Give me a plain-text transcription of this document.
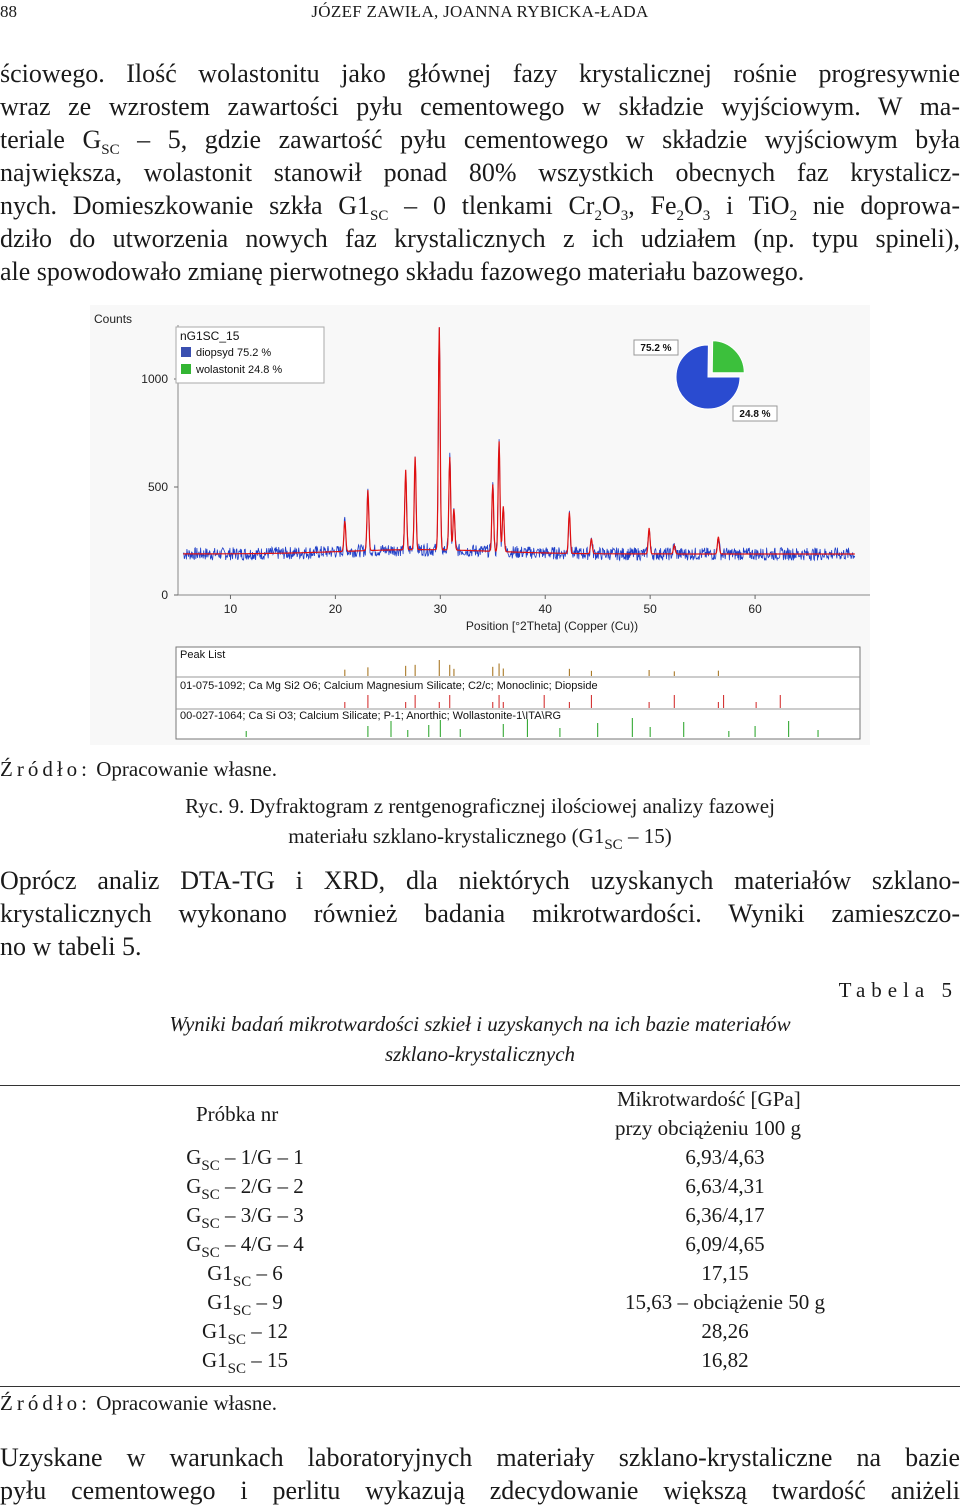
88	JÓZEF ZAWIŁA, JOANNA RYBICKA-ŁADA
ściowego. Ilość wolastonitu jako głównej fazy krystalicznej rośnie progresywnie
wraz ze wzrostem zawartości pyłu cementowego w składzie wyjściowym. W ma-
teriale $G_{SC} - 5$, gdzie zawartość pyłu cementowego w składzie wyjściowym była
największa, wolastonit stanowił ponad 80% wszystkich obecnych faz krystalicz-
nych. Domieszkowanie szkła $G1_{SC} - 0$ tlenkami $Cr_2O_3$, $Fe_2O_3$ i TiO$_2$ nie doprowa-
dziło do utworzenia nowych faz krystalicznych z ich udziałem (np. typu spineli),
ale spowodowało zmianę pierwotnego składu fazowego materiału bazowego.
Counts
0
500
1000
10	20	30	40	50	60
Position [°2Theta] (Copper (Cu))
nG1SC_15
diopsyd 75.2 %
wolastonit 24.8 %
75.2 %
24.8 %
Peak List
01-075-1092; Ca Mg Si2 O6; Calcium Magnesium Silicate; C2/c; Monoclinic; Diopside
00-027-1064; Ca Si O3; Calcium Silicate; P-1; Anorthic; Wollastonite-1\ITA\RG
Źródło: Opracowanie własne.
Ryc. 9. Dyfraktogram z rentgenograficznej ilościowej analizy fazowej
materiału szklano-krystalicznego $(G1_{SC} - 15)$
Oprócz analiz DTA-TG i XRD, dla niektórych uzyskanych materiałów szklano-
krystalicznych wykonano również badania mikrotwardości. Wyniki zamieszczo-
no w tabeli 5.
Tabela 5
Wyniki badań mikrotwardości szkieł i uzyskanych na ich bazie materiałów
szklano-krystalicznych
Próbka nr	Mikrotwardość [GPa]
	przy obciążeniu 100 g
$G_{SC} - 1/G - 1$	6,93/4,63
$G_{SC} - 2/G - 2$	6,63/4,31
$G_{SC} - 3/G - 3$	6,36/4,17
$G_{SC} - 4/G - 4$	6,09/4,65
$G1_{SC} - 6$	17,15
$G1_{SC} - 9$	15,63 – obciążenie 50 g
$G1_{SC} - 12$	28,26
$G1_{SC} - 15$	16,82
Źródło: Opracowanie własne.
Uzyskane w warunkach laboratoryjnych materiały szklano-krystaliczne na bazie
pyłu cementowego i perlitu wykazują zdecydowanie większą twardość aniżeli
